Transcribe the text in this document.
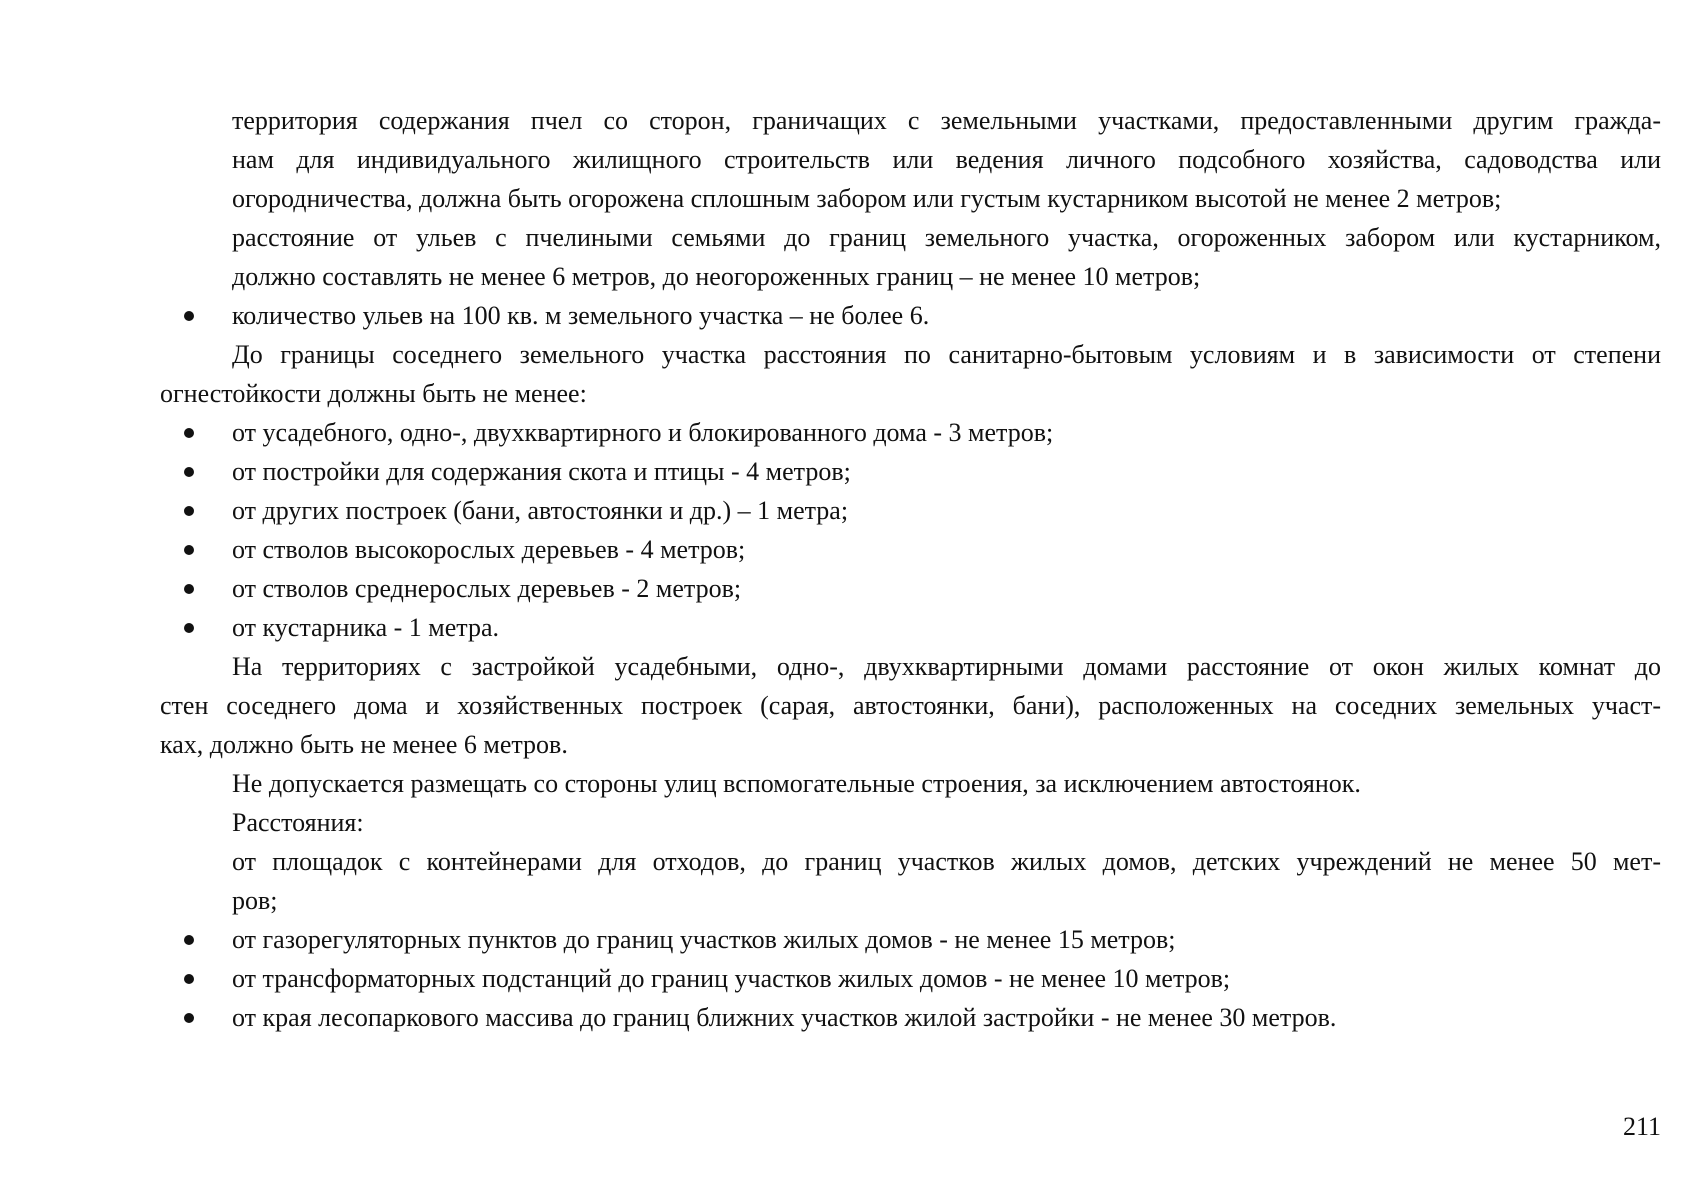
территория содержания пчел со сторон, граничащих с земельными участками, предоставленными другим гражда-
нам для индивидуального жилищного строительств или ведения личного подсобного хозяйства, садоводства или
огородничества, должна быть огорожена сплошным забором или густым кустарником высотой не менее 2 метров;
расстояние от ульев с пчелиными семьями до границ земельного участка, огороженных забором или кустарником,
должно составлять не менее 6 метров, до неогороженных границ – не менее 10 метров;
количество ульев на 100 кв. м земельного участка – не более 6.
До границы соседнего земельного участка расстояния по санитарно-бытовым условиям и в зависимости от степени
огнестойкости должны быть не менее:
от усадебного, одно-, двухквартирного и блокированного дома - 3 метров;
от постройки для содержания скота и птицы - 4 метров;
от других построек (бани, автостоянки и др.) – 1 метра;
от стволов высокорослых деревьев - 4 метров;
от стволов среднерослых деревьев - 2 метров;
от кустарника - 1 метра.
На территориях с застройкой усадебными, одно-, двухквартирными домами расстояние от окон жилых комнат до
стен соседнего дома и хозяйственных построек (сарая, автостоянки, бани), расположенных на соседних земельных участ-
ках, должно быть не менее 6 метров.
Не допускается размещать со стороны улиц вспомогательные строения, за исключением автостоянок.
Расстояния:
от площадок с контейнерами для отходов, до границ участков жилых домов, детских учреждений не менее 50 мет-
ров;
от газорегуляторных пунктов до границ участков жилых домов - не менее 15 метров;
от трансформаторных подстанций до границ участков жилых домов - не менее 10 метров;
от края лесопаркового массива до границ ближних участков жилой застройки - не менее 30 метров.
211
